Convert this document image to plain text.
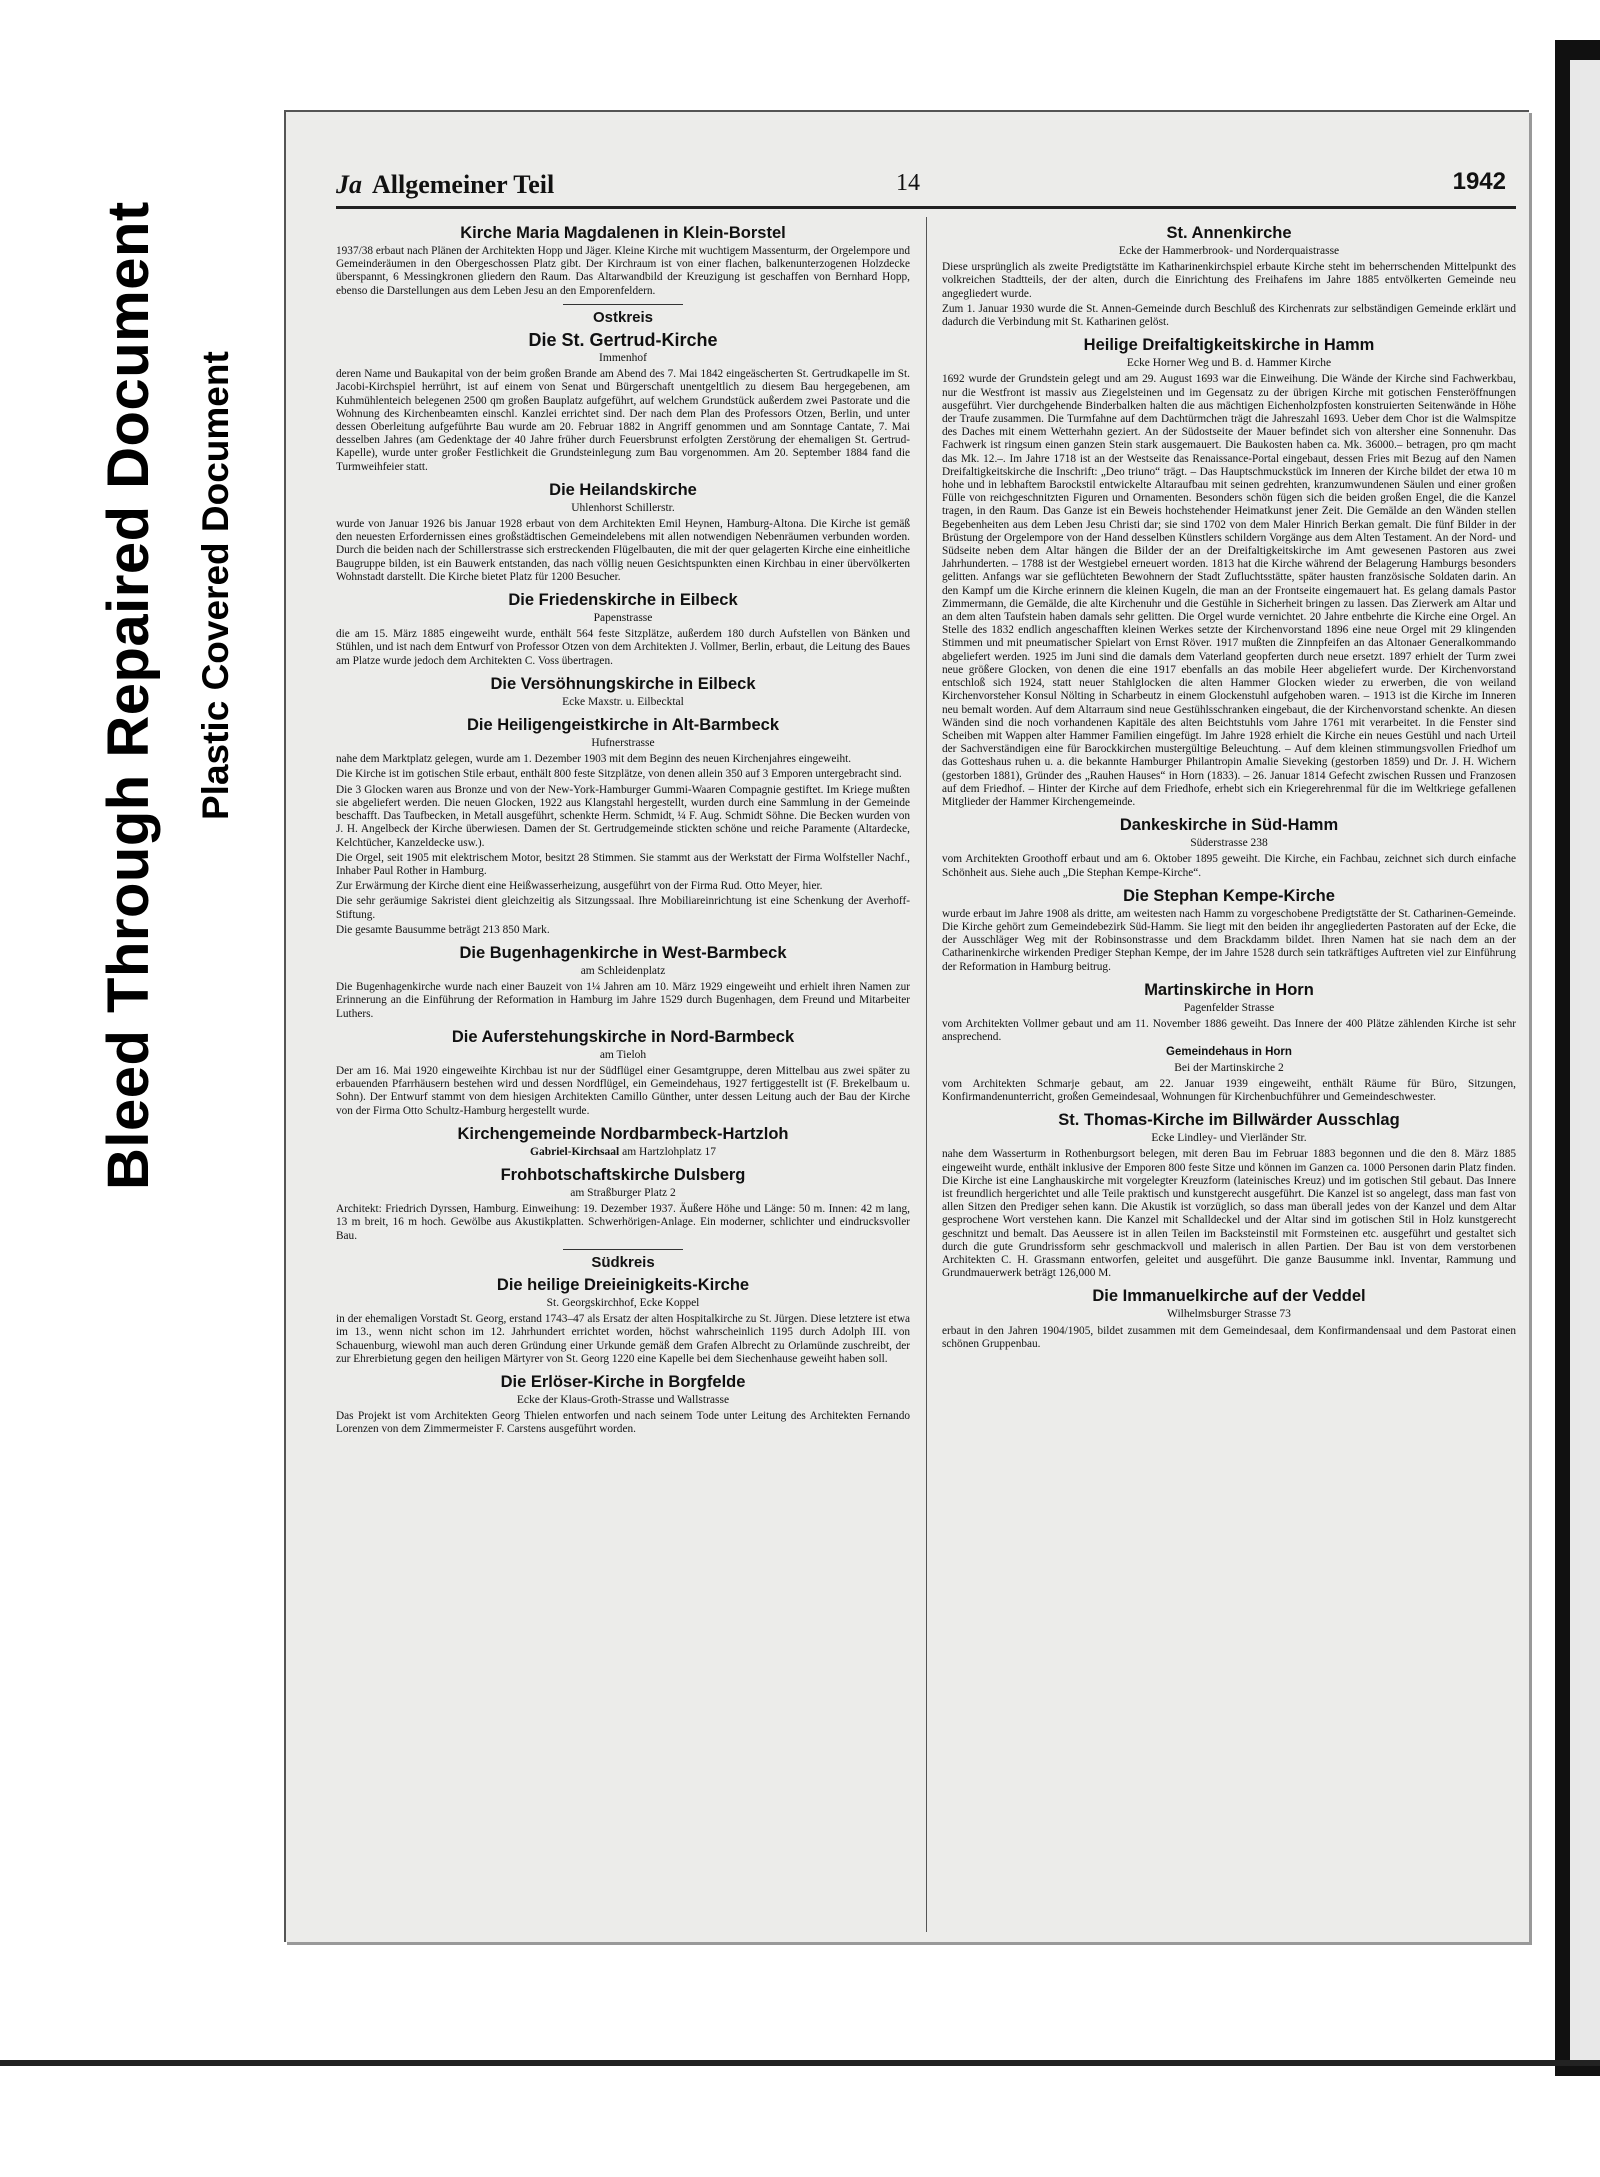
Bleed Through Repaired Document Plastic Covered Document
Ja Allgemeiner Teil	14	1942
Kirche Maria Magdalenen in Klein-Borstel

1937/38 erbaut nach Plänen der Architekten Hopp und Jäger. Kleine Kirche mit wuchtigem Massenturm, der Orgelempore und Gemeinderäumen in den Obergeschossen Platz gibt. Der Kirchraum ist von einer flachen, balkenunterzogenen Holzdecke überspannt, 6 Messingkronen gliedern den Raum. Das Altarwandbild der Kreuzigung ist geschaffen von Bernhard Hopp, ebenso die Darstellungen aus dem Leben Jesu an den Emporenfeldern.

Ostkreis
Die St. Gertrud-Kirche
Immenhof

deren Name und Baukapital von der beim großen Brande am Abend des 7. Mai 1842 eingeäscherten St. Gertrudkapelle im St. Jacobi-Kirchspiel herrührt, ist auf einem von Senat und Bürgerschaft unentgeltlich zu diesem Bau hergegebenen, am Kuhmühlenteich belegenen 2500 qm großen Bauplatz aufgeführt, auf welchem Grundstück außerdem zwei Pastorate und die Wohnung des Kirchenbeamten einschl. Kanzlei errichtet sind. Der nach dem Plan des Professors Otzen, Berlin, und unter dessen Oberleitung aufgeführte Bau wurde am 20. Februar 1882 in Angriff genommen und am Sonntage Cantate, 7. Mai desselben Jahres (am Gedenktage der 40 Jahre früher durch Feuersbrunst erfolgten Zerstörung der ehemaligen St. Gertrud-Kapelle), wurde unter großer Festlichkeit die Grundsteinlegung zum Bau vorgenommen. Am 20. September 1884 fand die Turmweihfeier statt.

Die Heilandskirche
Uhlenhorst Schillerstr.

wurde von Januar 1926 bis Januar 1928 erbaut von dem Architekten Emil Heynen, Hamburg-Altona. Die Kirche ist gemäß den neuesten Erfordernissen eines großstädtischen Gemeindelebens mit allen notwendigen Nebenräumen verbunden worden. Durch die beiden nach der Schillerstrasse sich erstreckenden Flügelbauten, die mit der quer gelagerten Kirche eine einheitliche Baugruppe bilden, ist ein Bauwerk entstanden, das nach völlig neuen Gesichtspunkten einen Kirchbau in einer übervölkerten Wohnstadt darstellt. Die Kirche bietet Platz für 1200 Besucher.

Die Friedenskirche in Eilbeck
Papenstrasse

die am 15. März 1885 eingeweiht wurde, enthält 564 feste Sitzplätze, außerdem 180 durch Aufstellen von Bänken und Stühlen, und ist nach dem Entwurf von Professor Otzen von dem Architekten J. Vollmer, Berlin, erbaut, die Leitung des Baues am Platze wurde jedoch dem Architekten C. Voss übertragen.

Die Versöhnungskirche in Eilbeck
Ecke Maxstr. u. Eilbecktal
Die Heiligengeistkirche in Alt-Barmbeck
Hufnerstrasse

nahe dem Marktplatz gelegen, wurde am 1. Dezember 1903 mit dem Beginn des neuen Kirchenjahres eingeweiht.

Die Kirche ist im gotischen Stile erbaut, enthält 800 feste Sitzplätze, von denen allein 350 auf 3 Emporen untergebracht sind.

Die 3 Glocken waren aus Bronze und von der New-York-Hamburger Gummi-Waaren Compagnie gestiftet. Im Kriege mußten sie abgeliefert werden. Die neuen Glocken, 1922 aus Klangstahl hergestellt, wurden durch eine Sammlung in der Gemeinde beschafft. Das Taufbecken, in Metall ausgeführt, schenkte Herm. Schmidt, ¼ F. Aug. Schmidt Söhne. Die Becken wurden von J. H. Angelbeck der Kirche überwiesen. Damen der St. Gertrudgemeinde stickten schöne und reiche Paramente (Altardecke, Kelchtücher, Kanzeldecke usw.).

Die Orgel, seit 1905 mit elektrischem Motor, besitzt 28 Stimmen. Sie stammt aus der Werkstatt der Firma Wolfsteller Nachf., Inhaber Paul Rother in Hamburg.

Zur Erwärmung der Kirche dient eine Heißwasserheizung, ausgeführt von der Firma Rud. Otto Meyer, hier.

Die sehr geräumige Sakristei dient gleichzeitig als Sitzungssaal. Ihre Mobiliareinrichtung ist eine Schenkung der Averhoff-Stiftung.

Die gesamte Bausumme beträgt 213 850 Mark.

Die Bugenhagenkirche in West-Barmbeck
am Schleidenplatz

Die Bugenhagenkirche wurde nach einer Bauzeit von 1¼ Jahren am 10. März 1929 eingeweiht und erhielt ihren Namen zur Erinnerung an die Einführung der Reformation in Hamburg im Jahre 1529 durch Bugenhagen, dem Freund und Mitarbeiter Luthers.

Die Auferstehungskirche in Nord-Barmbeck
am Tieloh

Der am 16. Mai 1920 eingeweihte Kirchbau ist nur der Südflügel einer Gesamtgruppe, deren Mittelbau aus zwei später zu erbauenden Pfarrhäusern bestehen wird und dessen Nordflügel, ein Gemeindehaus, 1927 fertiggestellt ist (F. Brekelbaum u. Sohn). Der Entwurf stammt von dem hiesigen Architekten Camillo Günther, unter dessen Leitung auch der Bau der Kirche von der Firma Otto Schultz-Hamburg hergestellt wurde.

Kirchengemeinde Nordbarmbeck-Hartzloh
Gabriel-Kirchsaal am Hartzlohplatz 17
Frohbotschaftskirche Dulsberg
am Straßburger Platz 2

Architekt: Friedrich Dyrssen, Hamburg. Einweihung: 19. Dezember 1937. Äußere Höhe und Länge: 50 m. Innen: 42 m lang, 13 m breit, 16 m hoch. Gewölbe aus Akustikplatten. Schwerhörigen-Anlage. Ein moderner, schlichter und eindrucksvoller Bau.

Südkreis
Die heilige Dreieinigkeits-Kirche
St. Georgskirchhof, Ecke Koppel

in der ehemaligen Vorstadt St. Georg, erstand 1743–47 als Ersatz der alten Hospitalkirche zu St. Jürgen. Diese letztere ist etwa im 13., wenn nicht schon im 12. Jahrhundert errichtet worden, höchst wahrscheinlich 1195 durch Adolph III. von Schauenburg, wiewohl man auch deren Gründung einer Urkunde gemäß dem Grafen Albrecht zu Orlamünde zuschreibt, der zur Ehrerbietung gegen den heiligen Märtyrer von St. Georg 1220 eine Kapelle bei dem Siechenhause geweiht haben soll.

Die Erlöser-Kirche in Borgfelde
Ecke der Klaus-Groth-Strasse und Wallstrasse

Das Projekt ist vom Architekten Georg Thielen entworfen und nach seinem Tode unter Leitung des Architekten Fernando Lorenzen von dem Zimmermeister F. Carstens ausgeführt worden.

St. Annenkirche
Ecke der Hammerbrook- und Norderquaistrasse

Diese ursprünglich als zweite Predigtstätte im Katharinenkirchspiel erbaute Kirche steht im beherrschenden Mittelpunkt des volkreichen Stadtteils, der der alten, durch die Einrichtung des Freihafens im Jahre 1885 entvölkerten Gemeinde neu angegliedert wurde.

Zum 1. Januar 1930 wurde die St. Annen-Gemeinde durch Beschluß des Kirchenrats zur selbständigen Gemeinde erklärt und dadurch die Verbindung mit St. Katharinen gelöst.

Heilige Dreifaltigkeitskirche in Hamm
Ecke Horner Weg und B. d. Hammer Kirche

1692 wurde der Grundstein gelegt und am 29. August 1693 war die Einweihung. Die Wände der Kirche sind Fachwerkbau, nur die Westfront ist massiv aus Ziegelsteinen und im Gegensatz zu der übrigen Kirche mit gotischen Fensteröffnungen ausgeführt. Vier durchgehende Binderbalken halten die aus mächtigen Eichenholzpfosten konstruierten Seitenwände in Höhe der Traufe zusammen. Die Turmfahne auf dem Dachtürmchen trägt die Jahreszahl 1693. Ueber dem Chor ist die Walmspitze des Daches mit einem Wetterhahn geziert. An der Südostseite der Mauer befindet sich von altersher eine Sonnenuhr. Das Fachwerk ist ringsum einen ganzen Stein stark ausgemauert. Die Baukosten haben ca. Mk. 36000.– betragen, pro qm macht das Mk. 12.–. Im Jahre 1718 ist an der Westseite das Renaissance-Portal eingebaut, dessen Fries mit Bezug auf den Namen Dreifaltigkeitskirche die Inschrift: „Deo triuno“ trägt. – Das Hauptschmuckstück im Inneren der Kirche bildet der etwa 10 m hohe und in lebhaftem Barockstil entwickelte Altaraufbau mit seinen gedrehten, kranzumwundenen Säulen und einer großen Fülle von reichgeschnitzten Figuren und Ornamenten. Besonders schön fügen sich die beiden großen Engel, die die Kanzel tragen, in den Raum. Das Ganze ist ein Beweis hochstehender Heimatkunst jener Zeit. Die Gemälde an den Wänden stellen Begebenheiten aus dem Leben Jesu Christi dar; sie sind 1702 von dem Maler Hinrich Berkan gemalt. Die fünf Bilder in der Brüstung der Orgelempore von der Hand desselben Künstlers schildern Vorgänge aus dem Alten Testament. An der Nord- und Südseite neben dem Altar hängen die Bilder der an der Dreifaltigkeitskirche im Amt gewesenen Pastoren aus zwei Jahrhunderten. – 1788 ist der Westgiebel erneuert worden. 1813 hat die Kirche während der Belagerung Hamburgs besonders gelitten. Anfangs war sie geflüchteten Bewohnern der Stadt Zufluchtsstätte, später hausten französische Soldaten darin. An den Kampf um die Kirche erinnern die kleinen Kugeln, die man an der Frontseite eingemauert hat. Es gelang damals Pastor Zimmermann, die Gemälde, die alte Kirchenuhr und die Gestühle in Sicherheit bringen zu lassen. Das Zierwerk am Altar und an dem alten Taufstein haben damals sehr gelitten. Die Orgel wurde vernichtet. 20 Jahre entbehrte die Kirche eine Orgel. An Stelle des 1832 endlich angeschafften kleinen Werkes setzte der Kirchenvorstand 1896 eine neue Orgel mit 29 klingenden Stimmen und mit pneumatischer Spielart von Ernst Röver. 1917 mußten die Zinnpfeifen an das Altonaer Generalkommando abgeliefert werden. 1925 im Juni sind die damals dem Vaterland geopferten durch neue ersetzt. 1897 erhielt der Turm zwei neue größere Glocken, von denen die eine 1917 ebenfalls an das mobile Heer abgeliefert wurde. Der Kirchenvorstand entschloß sich 1924, statt neuer Stahlglocken die alten Hammer Glocken wieder zu erwerben, die von weiland Kirchenvorsteher Konsul Nölting in Scharbeutz in einem Glockenstuhl aufgehoben waren. – 1913 ist die Kirche im Inneren neu bemalt worden. Auf dem Altarraum sind neue Gestühlsschranken eingebaut, die der Kirchenvorstand schenkte. An diesen Wänden sind die noch vorhandenen Kapitäle des alten Beichtstuhls vom Jahre 1761 mit verarbeitet. In die Fenster sind Scheiben mit Wappen alter Hammer Familien eingefügt. Im Jahre 1928 erhielt die Kirche ein neues Gestühl und nach Urteil der Sachverständigen eine für Barockkirchen mustergültige Beleuchtung. – Auf dem kleinen stimmungsvollen Friedhof um das Gotteshaus ruhen u. a. die bekannte Hamburger Philantropin Amalie Sieveking (gestorben 1859) und Dr. J. H. Wichern (gestorben 1881), Gründer des „Rauhen Hauses“ in Horn (1833). – 26. Januar 1814 Gefecht zwischen Russen und Franzosen auf dem Friedhof. – Hinter der Kirche auf dem Friedhofe, erhebt sich ein Kriegerehrenmal für die im Weltkriege gefallenen Mitglieder der Hammer Kirchengemeinde.

Dankeskirche in Süd-Hamm
Süderstrasse 238

vom Architekten Groothoff erbaut und am 6. Oktober 1895 geweiht. Die Kirche, ein Fachbau, zeichnet sich durch einfache Schönheit aus. Siehe auch „Die Stephan Kempe-Kirche“.

Die Stephan Kempe-Kirche

wurde erbaut im Jahre 1908 als dritte, am weitesten nach Hamm zu vorgeschobene Predigtstätte der St. Catharinen-Gemeinde. Die Kirche gehört zum Gemeindebezirk Süd-Hamm. Sie liegt mit den beiden ihr angegliederten Pastoraten auf der Ecke, die der Ausschläger Weg mit der Robinsonstrasse und dem Brackdamm bildet. Ihren Namen hat sie nach dem an der Catharinenkirche wirkenden Prediger Stephan Kempe, der im Jahre 1528 durch sein tatkräftiges Auftreten viel zur Einführung der Reformation in Hamburg beitrug.

Martinskirche in Horn
Pagenfelder Strasse

vom Architekten Vollmer gebaut und am 11. November 1886 geweiht. Das Innere der 400 Plätze zählenden Kirche ist sehr ansprechend.

Gemeindehaus in Horn
Bei der Martinskirche 2

vom Architekten Schmarje gebaut, am 22. Januar 1939 eingeweiht, enthält Räume für Büro, Sitzungen, Konfirmandenunterricht, großen Gemeindesaal, Wohnungen für Kirchenbuchführer und Gemeindeschwester.

St. Thomas-Kirche im Billwärder Ausschlag
Ecke Lindley- und Vierländer Str.

nahe dem Wasserturm in Rothenburgsort belegen, mit deren Bau im Februar 1883 begonnen und die den 8. März 1885 eingeweiht wurde, enthält inklusive der Emporen 800 feste Sitze und können im Ganzen ca. 1000 Personen darin Platz finden. Die Kirche ist eine Langhauskirche mit vorgelegter Kreuzform (lateinisches Kreuz) und im gotischen Stil gebaut. Das Innere ist freundlich hergerichtet und alle Teile praktisch und kunstgerecht ausgeführt. Die Kanzel ist so angelegt, dass man fast von allen Sitzen den Prediger sehen kann. Die Akustik ist vorzüglich, so dass man überall jedes von der Kanzel und dem Altar gesprochene Wort verstehen kann. Die Kanzel mit Schalldeckel und der Altar sind im gotischen Stil in Holz kunstgerecht geschnitzt und bemalt. Das Aeussere ist in allen Teilen im Backsteinstil mit Formsteinen etc. ausgeführt und gestaltet sich durch die gute Grundrissform sehr geschmackvoll und malerisch in allen Partien. Der Bau ist von dem verstorbenen Architekten C. H. Grassmann entworfen, geleitet und ausgeführt. Die ganze Bausumme inkl. Inventar, Rammung und Grundmauerwerk beträgt 126,000 M.

Die Immanuelkirche auf der Veddel
Wilhelmsburger Strasse 73

erbaut in den Jahren 1904/1905, bildet zusammen mit dem Gemeindesaal, dem Konfirmandensaal und dem Pastorat einen schönen Gruppenbau.
